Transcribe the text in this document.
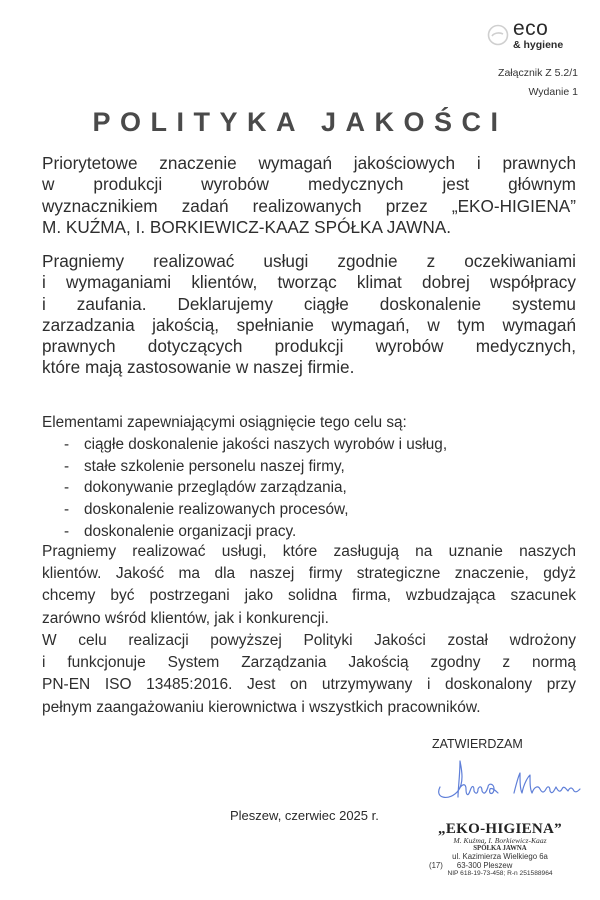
eco
& hygiene
Załącznik Z 5.2/1
Wydanie 1
POLITYKA JAKOŚCI
Priorytetowe znaczenie wymagań jakościowych i prawnych
w produkcji wyrobów medycznych jest głównym
wyznacznikiem zadań realizowanych przez „EKO-HIGIENA”
M. KUŹMA, I. BORKIEWICZ-KAAZ SPÓŁKA JAWNA.
Pragniemy realizować usługi zgodnie z oczekiwaniami
i wymaganiami klientów, tworząc klimat dobrej współpracy
i zaufania. Deklarujemy ciągłe doskonalenie systemu
zarzadzania jakością, spełnianie wymagań, w tym wymagań
prawnych dotyczących produkcji wyrobów medycznych,
które mają zastosowanie w naszej firmie.
Elementami zapewniającymi osiągnięcie tego celu są:
- ciągłe doskonalenie jakości naszych wyrobów i usług,
- stałe szkolenie personelu naszej firmy,
- dokonywanie przeglądów zarządzania,
- doskonalenie realizowanych procesów,
- doskonalenie organizacji pracy.
Pragniemy realizować usługi, które zasługują na uznanie naszych
klientów. Jakość ma dla naszej firmy strategiczne znaczenie, gdyż
chcemy być postrzegani jako solidna firma, wzbudzająca szacunek
zarówno wśród klientów, jak i konkurencji.
W celu realizacji powyższej Polityki Jakości został wdrożony
i funkcjonuje System Zarządzania Jakością zgodny z normą
PN-EN ISO 13485:2016. Jest on utrzymywany i doskonalony przy
pełnym zaangażowaniu kierownictwa i wszystkich pracowników.
ZATWIERDZAM
Pleszew, czerwiec 2025 r.
„EKO-HIGIENA”
M. Kuźma, I. Borkiewicz-Kaaz
SPÓŁKA JAWNA
ul. Kazimierza Wielkiego 6a
(17) 63-300 Pleszew
NIP 618-19-73-458; R-n 251588964
